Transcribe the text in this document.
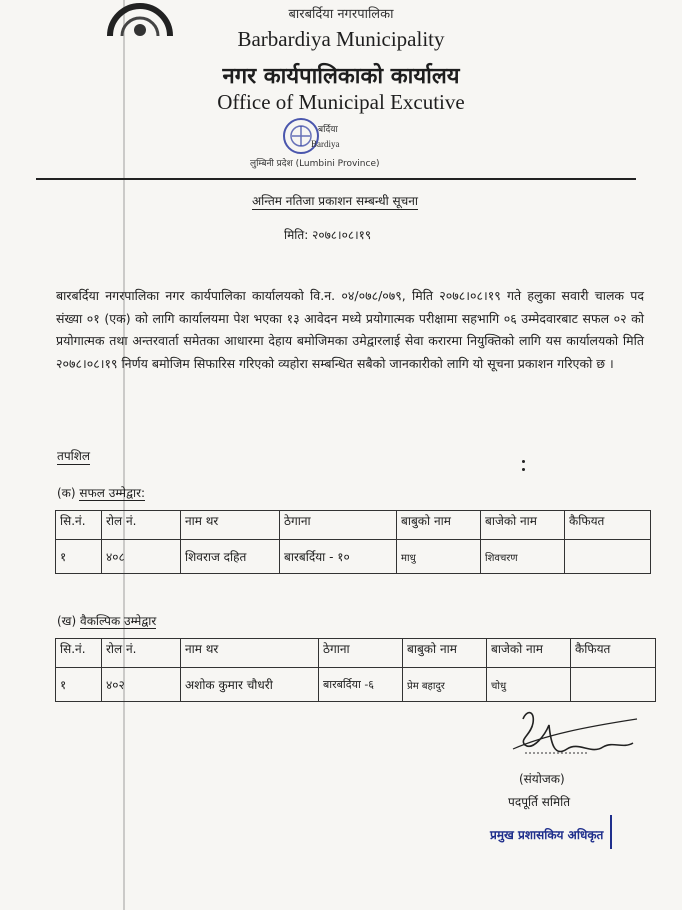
बारबर्दिया नगरपालिका
Barbardiya Municipality
नगर कार्यपालिकाको कार्यालय
Office of Municipal Excutive
बर्दिया
Bardiya
लुम्बिनी प्रदेश (Lumbini Province)
अन्तिम नतिजा प्रकाशन सम्बन्धी सूचना
मिति: २०७८।०८।१९
बारबर्दिया नगरपालिका नगर कार्यपालिका कार्यालयको वि.न. ०४/०७८/०७९, मिति २०७८।०८।१९ गते हलुका सवारी चालक पद संख्या ०१ (एक) को लागि कार्यालयमा पेश भएका १३ आवेदन मध्ये प्रयोगात्मक परीक्षामा सहभागि ०६ उम्मेदवारबाट सफल ०२ को प्रयोगात्मक तथा अन्तरवार्ता समेतका आधारमा देहाय बमोजिमका उमेद्वारलाई सेवा करारमा नियुक्तिको लागि यस कार्यालयको मिति २०७८।०८।१९ निर्णय बमोजिम सिफारिस गरिएको व्यहोरा सम्बन्धित सबैको जानकारीको लागि यो सूचना प्रकाशन गरिएको छ ।
तपशिल
(क) सफल उम्मेद्वार:
सि.नं.	रोल नं.	नाम थर	ठेगाना	बाबुको नाम	बाजेको नाम	कैफियत
१	४०८	शिवराज दहित	बारबर्दिया - १०	माधु	शिवचरण	
(ख) वैकल्पिक उम्मेद्वार
सि.नं.	रोल नं.	नाम थर	ठेगाना	बाबुको नाम	बाजेको नाम	कैफियत
१	४०२	अशोक कुमार चौधरी	बारबर्दिया -६	प्रेम बहादुर	चोधु	
(संयोजक)
पदपूर्ति समिति
प्रमुख प्रशासकिय अधिकृत
